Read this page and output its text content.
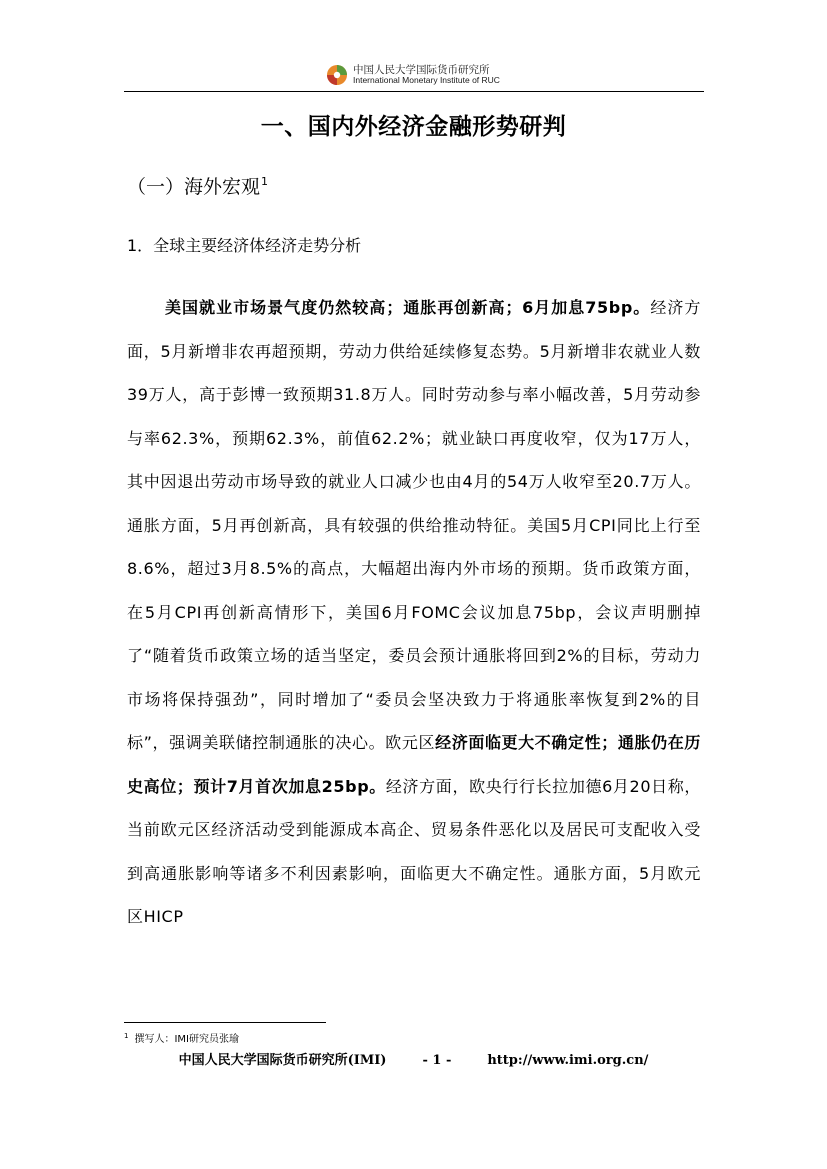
中国人民大学国际货币研究所
International Monetary Institute of RUC
一、国内外经济金融形势研判
（一）海外宏观$^1$
1．全球主要经济体经济走势分析

美国就业市场景气度仍然较高；通胀再创新高；6月加息75bp。经济方面，5月新增非农再超预期，劳动力供给延续修复态势。5月新增非农就业人数39万人，高于彭博一致预期31.8万人。同时劳动参与率小幅改善，5月劳动参与率62.3%，预期62.3%，前值62.2%；就业缺口再度收窄，仅为17万人，其中因退出劳动市场导致的就业人口减少也由4月的54万人收窄至20.7万人。通胀方面，5月再创新高，具有较强的供给推动特征。美国5月CPI同比上行至8.6%，超过3月8.5%的高点，大幅超出海内外市场的预期。货币政策方面，在5月CPI再创新高情形下，美国6月FOMC会议加息75bp，会议声明删掉了“随着货币政策立场的适当坚定，委员会预计通胀将回到2%的目标，劳动力市场将保持强劲”，同时增加了“委员会坚决致力于将通胀率恢复到2%的目标”，强调美联储控制通胀的决心。欧元区经济面临更大不确定性；通胀仍在历史高位；预计7月首次加息25bp。经济方面，欧央行行长拉加德6月20日称，当前欧元区经济活动受到能源成本高企、贸易条件恶化以及居民可支配收入受到高通胀影响等诸多不利因素影响，面临更大不确定性。通胀方面，5月欧元区HICP

$^1$ 撰写人：IMI研究员张瑜
中国人民大学国际货币研究所(IMI)	- 1 -	http://www.imi.org.cn/
